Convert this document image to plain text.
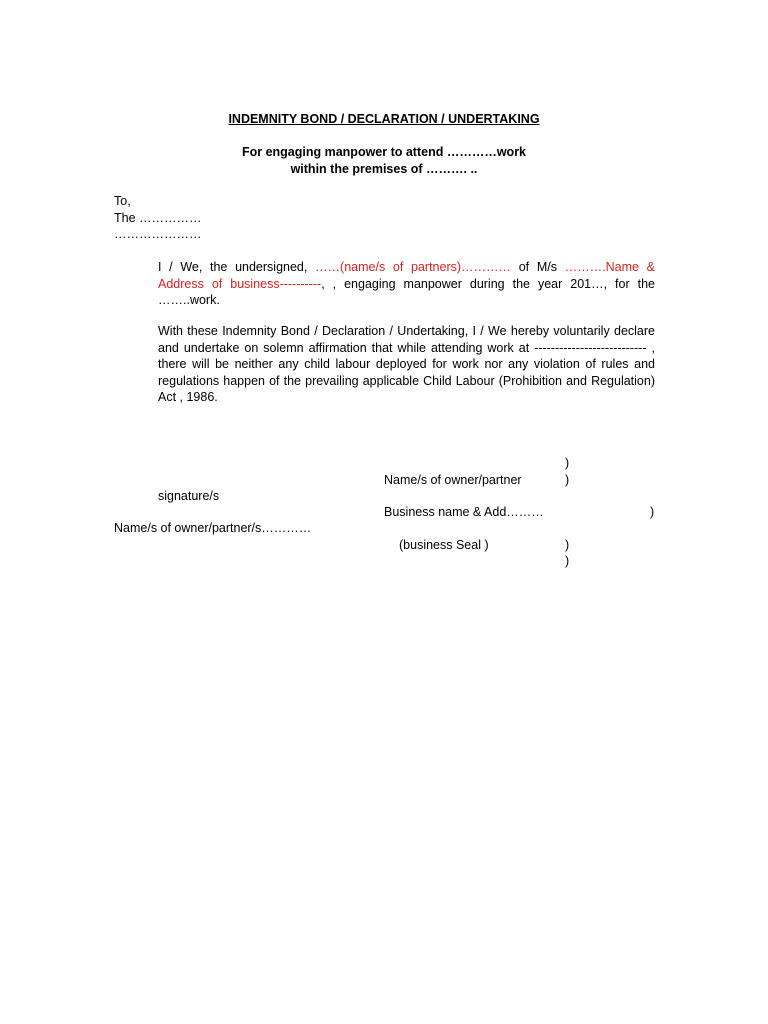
INDEMNITY BOND / DECLARATION / UNDERTAKING
For engaging manpower to attend …………work
within the premises of ………. ..
To,
The ……………
…………………
I / We, the undersigned, ……(name/s of partners)………… of M/s ……….Name & Address of business----------, , engaging manpower during the year 201…, for the ……..work.
With these Indemnity Bond / Declaration / Undertaking, I / We hereby voluntarily declare and undertake on solemn affirmation that while attending work at --------------------------- , there will be neither any child labour deployed for work nor any violation of rules and regulations happen of the prevailing applicable Child Labour (Prohibition and Regulation) Act , 1986.
)
Name/s of owner/partner	)
signature/s
Business name & Add………	)
Name/s of owner/partner/s…………
(business Seal )	)
)
